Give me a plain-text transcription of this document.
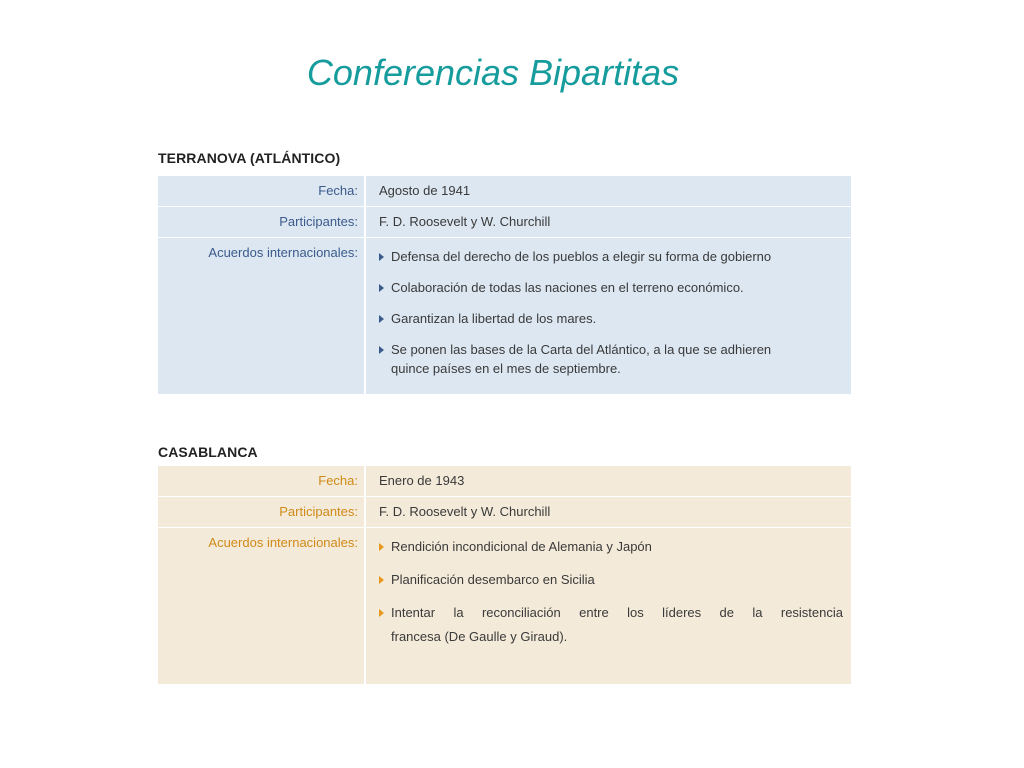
Conferencias Bipartitas
TERRANOVA (ATLÁNTICO)
Fecha:	Agosto de 1941
Participantes:	F. D. Roosevelt y W. Churchill
Acuerdos internacionales:	Defensa del derecho de los pueblos a elegir su forma de gobierno
Colaboración de todas las naciones en el terreno económico.
Garantizan la libertad de los mares.
Se ponen las bases de la Carta del Atlántico, a la que se adhieren
quince países en el mes de septiembre.
CASABLANCA
Fecha:	Enero de 1943
Participantes:	F. D. Roosevelt y W. Churchill
Acuerdos internacionales:	Rendición incondicional de Alemania y Japón
Planificación desembarco en Sicilia
Intentar la reconciliación entre los líderes de la resistencia
francesa (De Gaulle y Giraud).
